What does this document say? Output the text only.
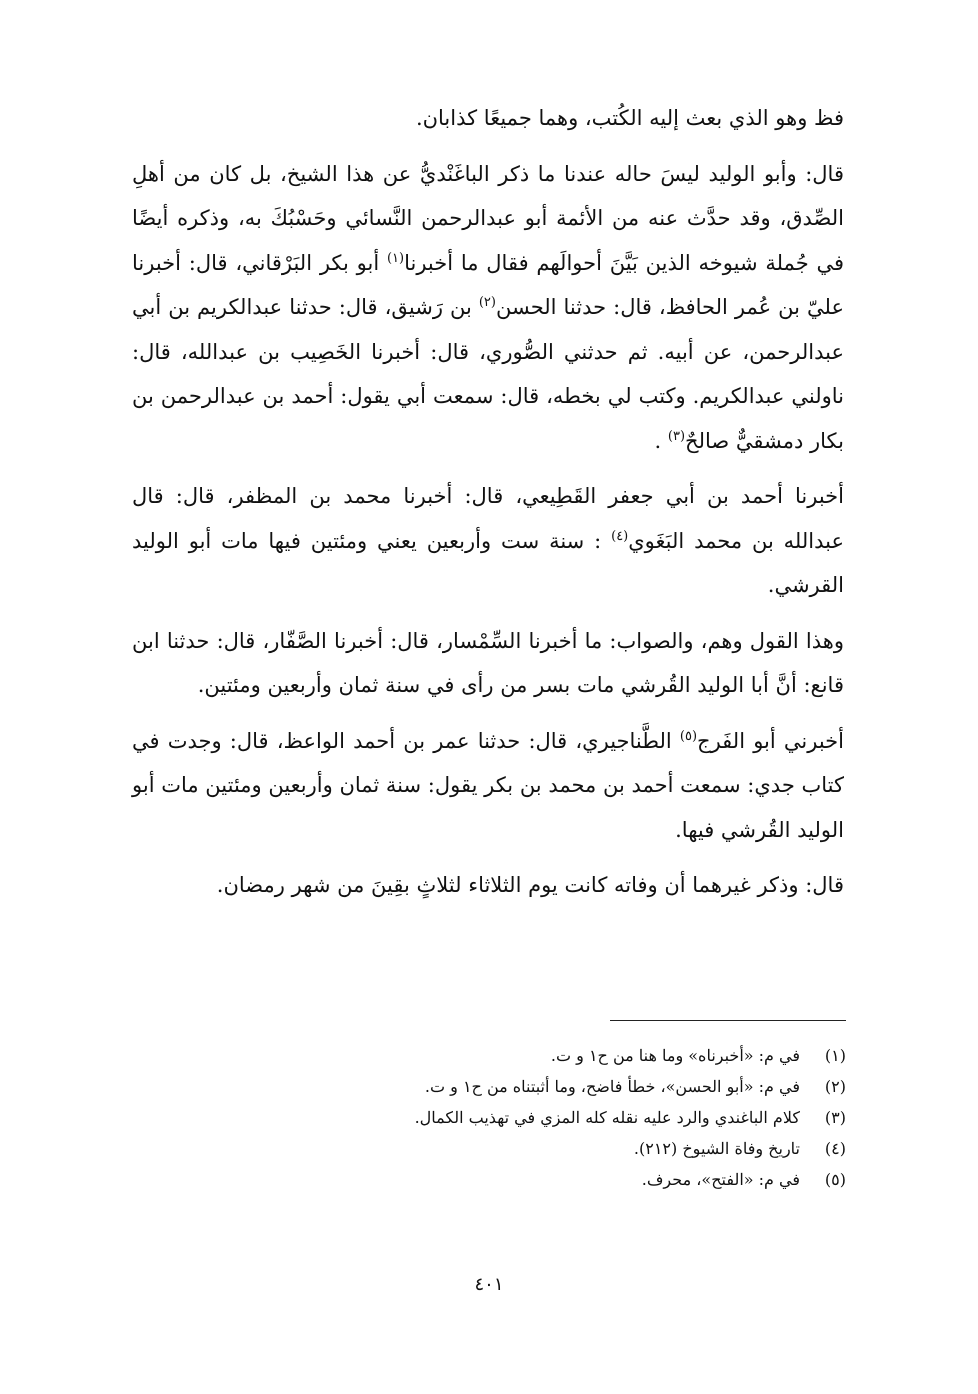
فظ وهو الذي بعث إليه الكُتب، وهما جميعًا كذابان.

قال: وأبو الوليد ليسَ حاله عندنا ما ذكر الباغَنْديُّ عن هذا الشيخ، بل كان من أهلِ الصِّدق، وقد حدَّث عنه من الأئمة أبو عبدالرحمن النَّسائي وحَسْبُكَ به، وذكره أيضًا في جُملة شيوخه الذين بَيَّنَ أحوالَهم فقال ما أخبرنا$^{(١)}$ أبو بكر البَرْقاني، قال: أخبرنا عليّ بن عُمر الحافظ، قال: حدثنا الحسن$^{(٢)}$ بن رَشيق، قال: حدثنا عبدالكريم بن أبي عبدالرحمن، عن أبيه. ثم حدثني الصُّوري، قال: أخبرنا الخَصِيب بن عبدالله، قال: ناولني عبدالكريم. وكتب لي بخطه، قال: سمعت أبي يقول: أحمد بن عبدالرحمن بن بكار دمشقيٌّ صالحٌ$^{(٣)}$ .

أخبرنا أحمد بن أبي جعفر القَطِيعي، قال: أخبرنا محمد بن المظفر، قال: قال عبدالله بن محمد البَغَوي$^{(٤)}$ : سنة ست وأربعين يعني ومئتين فيها مات أبو الوليد القرشي.

وهذا القول وهم، والصواب: ما أخبرنا السِّمْسار، قال: أخبرنا الصَّفّار، قال: حدثنا ابن قانع: أنَّ أبا الوليد القُرشي مات بسر من رأى في سنة ثمان وأربعين ومئتين.

أخبرني أبو الفَرج$^{(٥)}$ الطَّناجيري، قال: حدثنا عمر بن أحمد الواعظ، قال: وجدت في كتاب جدي: سمعت أحمد بن محمد بن بكر يقول: سنة ثمان وأربعين ومئتين مات أبو الوليد القُرشي فيها.

قال: وذكر غيرهما أن وفاته كانت يوم الثلاثاء لثلاثٍ بقِينَ من شهر رمضان.

(١)
في م: «أخبرناه» وما هنا من ح١ و ت.
(٢)
في م: «أبو الحسن»، خطأ فاضح، وما أثبتناه من ح١ و ت.
(٣)
كلام الباغندي والرد عليه نقله كله المزي في تهذيب الكمال.
(٤)
تاريخ وفاة الشيوخ (٢١٢).
(٥)
في م: «الفتح»، محرف.
٤٠١
